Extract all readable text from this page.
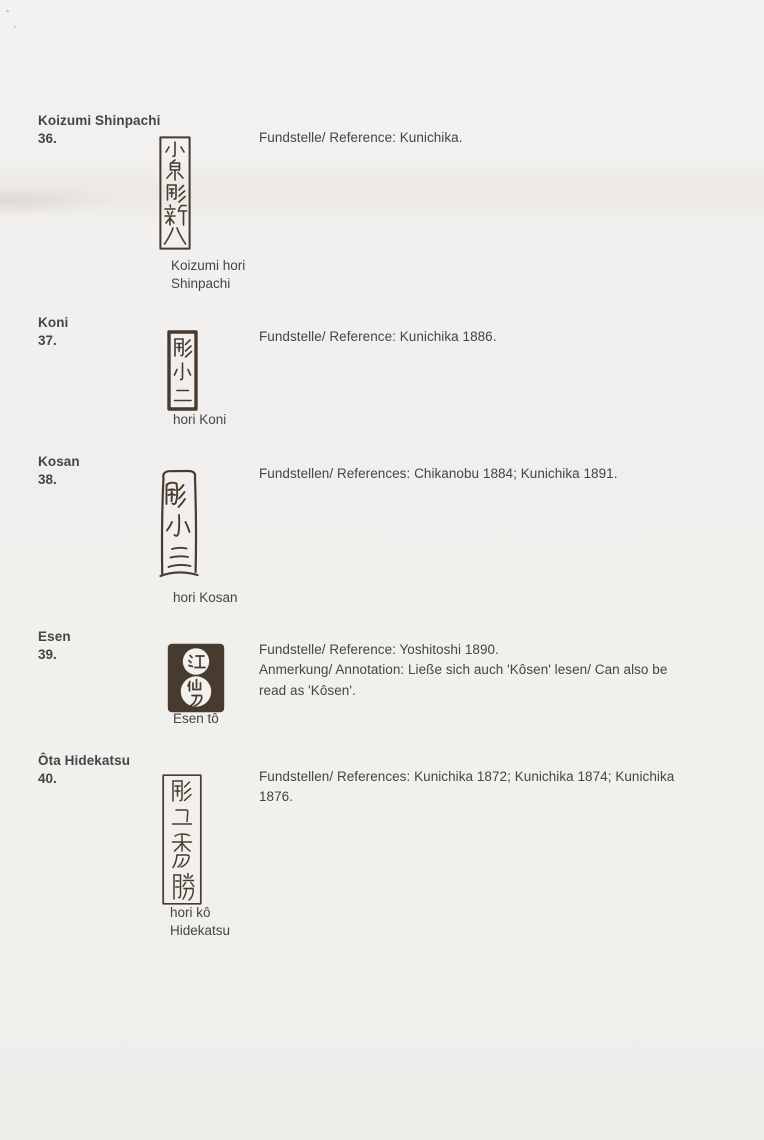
Koizumi Shinpachi
36.
Koizumi hori
Shinpachi
Fundstelle/ Reference: Kunichika.
Koni
37.
hori Koni
Fundstelle/ Reference: Kunichika 1886.
Kosan
38.
hori Kosan
Fundstellen/ References: Chikanobu 1884; Kunichika 1891.
Esen
39.
Esen tô
Fundstelle/ Reference: Yoshitoshi 1890.
Anmerkung/ Annotation: Ließe sich auch 'Kôsen' lesen/ Can also be
read as 'Kôsen'.
Ôta Hidekatsu
40.
hori kô
Hidekatsu
Fundstellen/ References: Kunichika 1872; Kunichika 1874; Kunichika
1876.
